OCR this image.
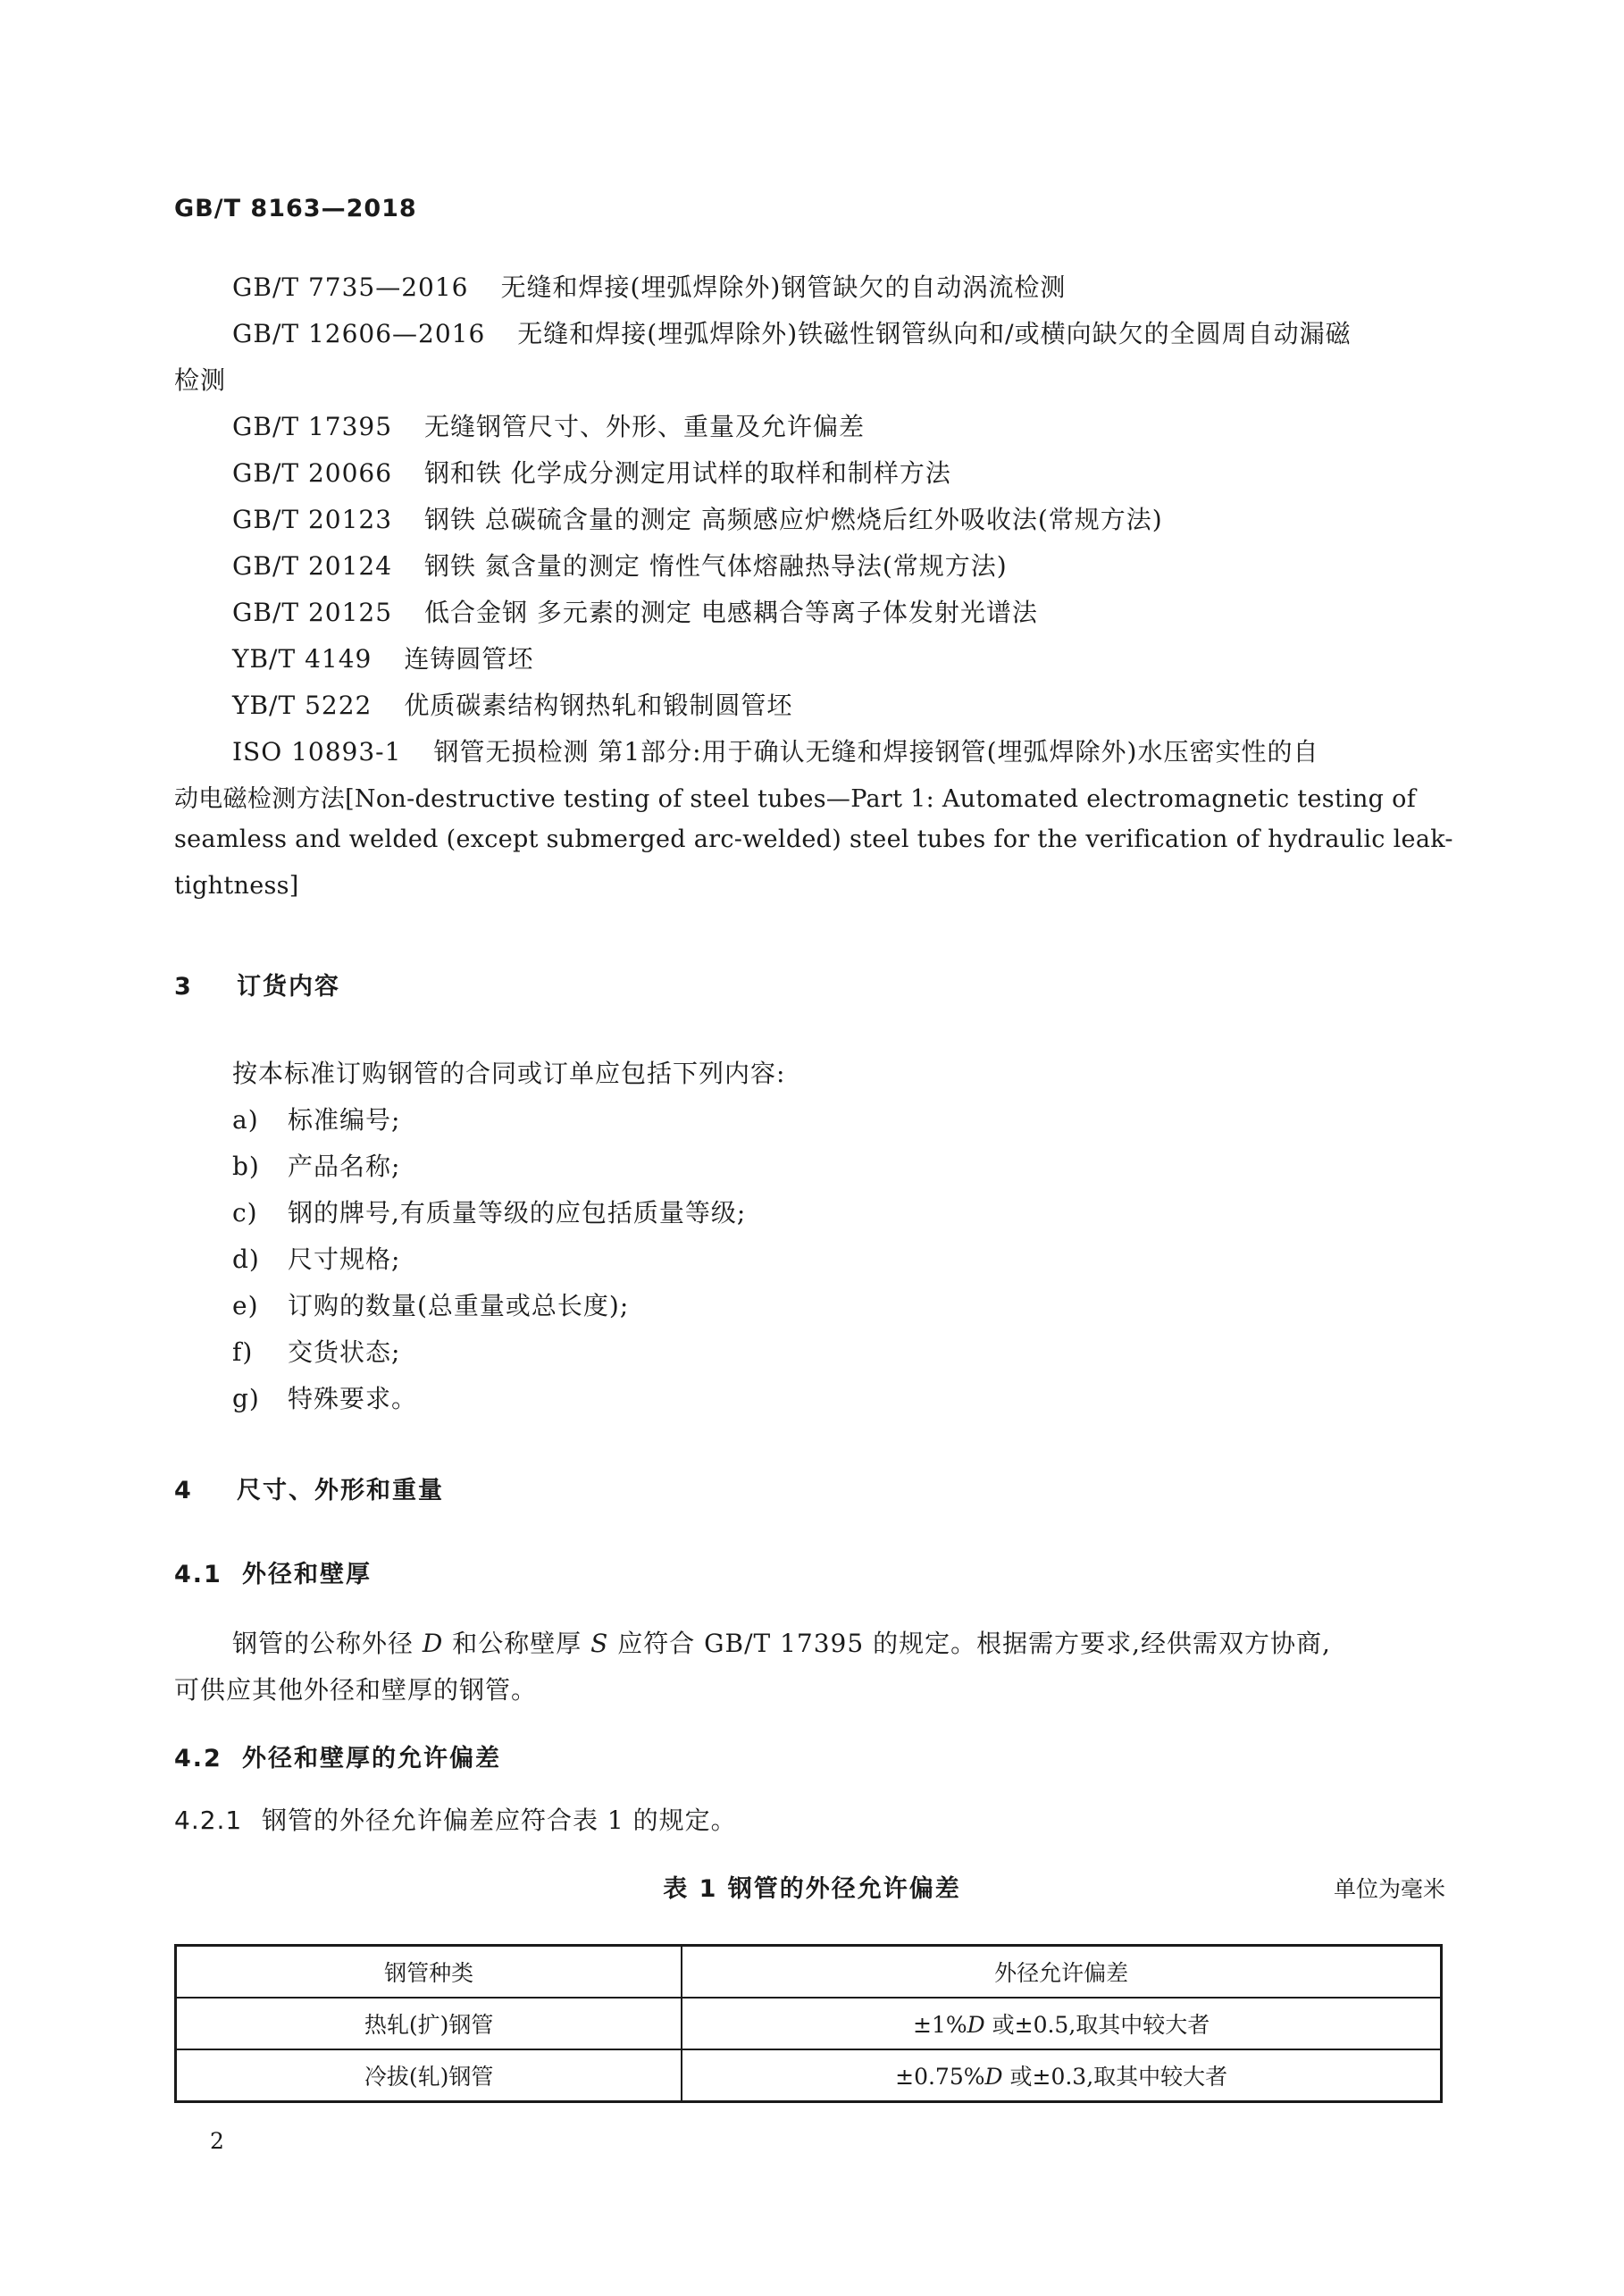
GB/T 8163—2018
GB/T 7735—2016 无缝和焊接(埋弧焊除外)钢管缺欠的自动涡流检测
GB/T 12606—2016 无缝和焊接(埋弧焊除外)铁磁性钢管纵向和/或横向缺欠的全圆周自动漏磁
检测
GB/T 17395 无缝钢管尺寸、外形、重量及允许偏差
GB/T 20066 钢和铁 化学成分测定用试样的取样和制样方法
GB/T 20123 钢铁 总碳硫含量的测定 高频感应炉燃烧后红外吸收法(常规方法)
GB/T 20124 钢铁 氮含量的测定 惰性气体熔融热导法(常规方法)
GB/T 20125 低合金钢 多元素的测定 电感耦合等离子体发射光谱法
YB/T 4149 连铸圆管坯
YB/T 5222 优质碳素结构钢热轧和锻制圆管坯
ISO 10893-1 钢管无损检测 第1部分:用于确认无缝和焊接钢管(埋弧焊除外)水压密实性的自
动电磁检测方法[Non-destructive testing of steel tubes—Part 1: Automated electromagnetic testing of
seamless and welded (except submerged arc-welded) steel tubes for the verification of hydraulic leak-
tightness]
3 订货内容
按本标准订购钢管的合同或订单应包括下列内容:
a) 标准编号;
b) 产品名称;
c) 钢的牌号,有质量等级的应包括质量等级;
d) 尺寸规格;
e) 订购的数量(总重量或总长度);
f) 交货状态;
g) 特殊要求。
4 尺寸、外形和重量
4.1 外径和壁厚
钢管的公称外径 D 和公称壁厚 S 应符合 GB/T 17395 的规定。根据需方要求,经供需双方协商,
可供应其他外径和壁厚的钢管。
4.2 外径和壁厚的允许偏差
4.2.1 钢管的外径允许偏差应符合表 1 的规定。
表 1 钢管的外径允许偏差	单位为毫米
钢管种类	外径允许偏差
热轧(扩)钢管	±1%D 或±0.5,取其中较大者
冷拔(轧)钢管	±0.75%D 或±0.3,取其中较大者
2
